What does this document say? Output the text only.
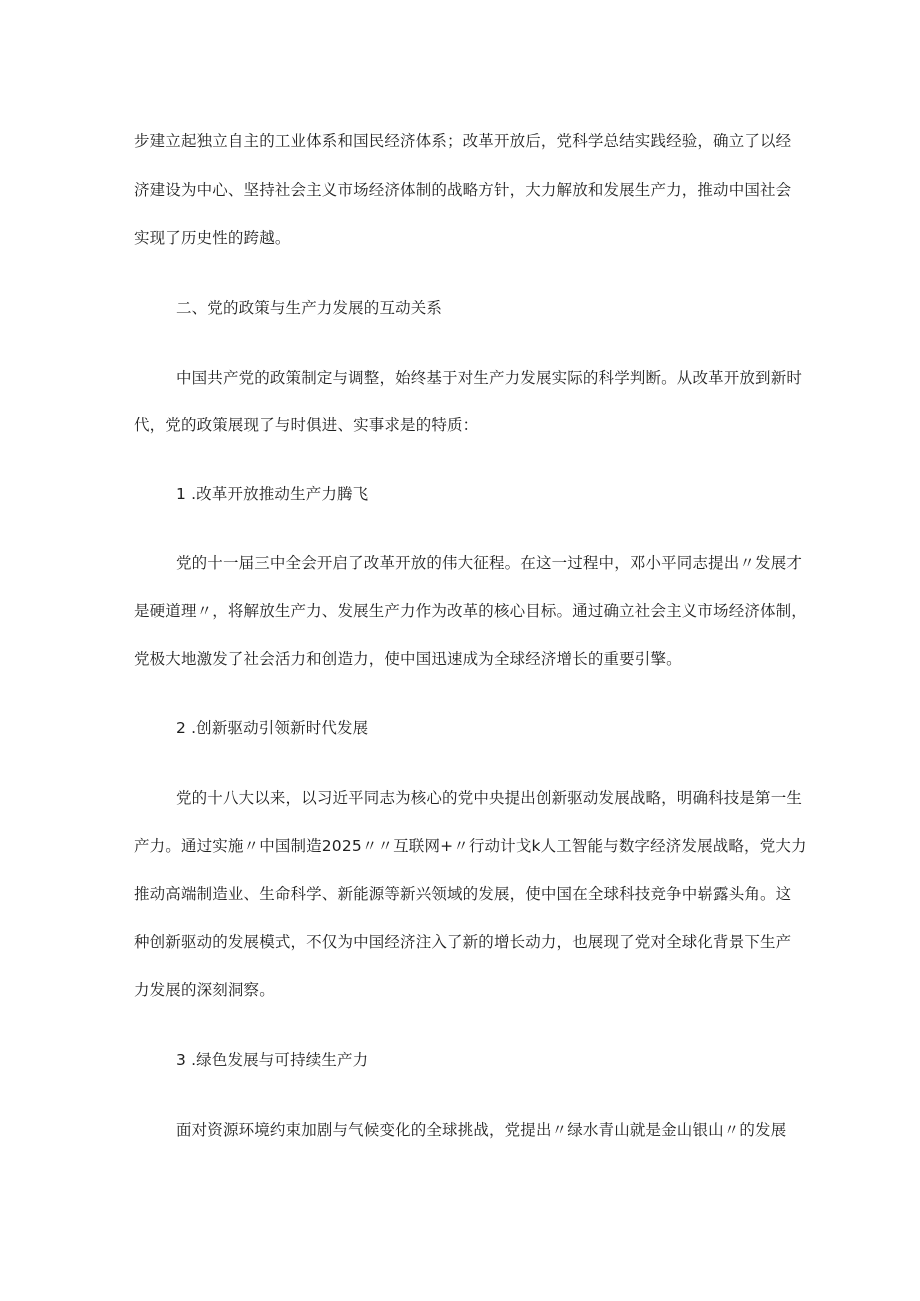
步建立起独立自主的工业体系和国民经济体系；改革开放后，党科学总结实践经验，确立了以经
济建设为中心、坚持社会主义市场经济体制的战略方针，大力解放和发展生产力，推动中国社会
实现了历史性的跨越。
二、党的政策与生产力发展的互动关系
中国共产党的政策制定与调整，始终基于对生产力发展实际的科学判断。从改革开放到新时
代，党的政策展现了与时俱进、实事求是的特质：
1 .改革开放推动生产力腾飞
党的十一届三中全会开启了改革开放的伟大征程。在这一过程中，邓小平同志提出〃发展才
是硬道理〃，将解放生产力、发展生产力作为改革的核心目标。通过确立社会主义市场经济体制，
党极大地激发了社会活力和创造力，使中国迅速成为全球经济增长的重要引擎。
2 .创新驱动引领新时代发展
党的十八大以来，以习近平同志为核心的党中央提出创新驱动发展战略，明确科技是第一生
产力。通过实施〃中国制造2025〃〃互联网+〃行动计戈k人工智能与数字经济发展战略，党大力
推动高端制造业、生命科学、新能源等新兴领域的发展，使中国在全球科技竞争中崭露头角。这
种创新驱动的发展模式，不仅为中国经济注入了新的增长动力，也展现了党对全球化背景下生产
力发展的深刻洞察。
3 .绿色发展与可持续生产力
面对资源环境约束加剧与气候变化的全球挑战，党提出〃绿水青山就是金山银山〃的发展
